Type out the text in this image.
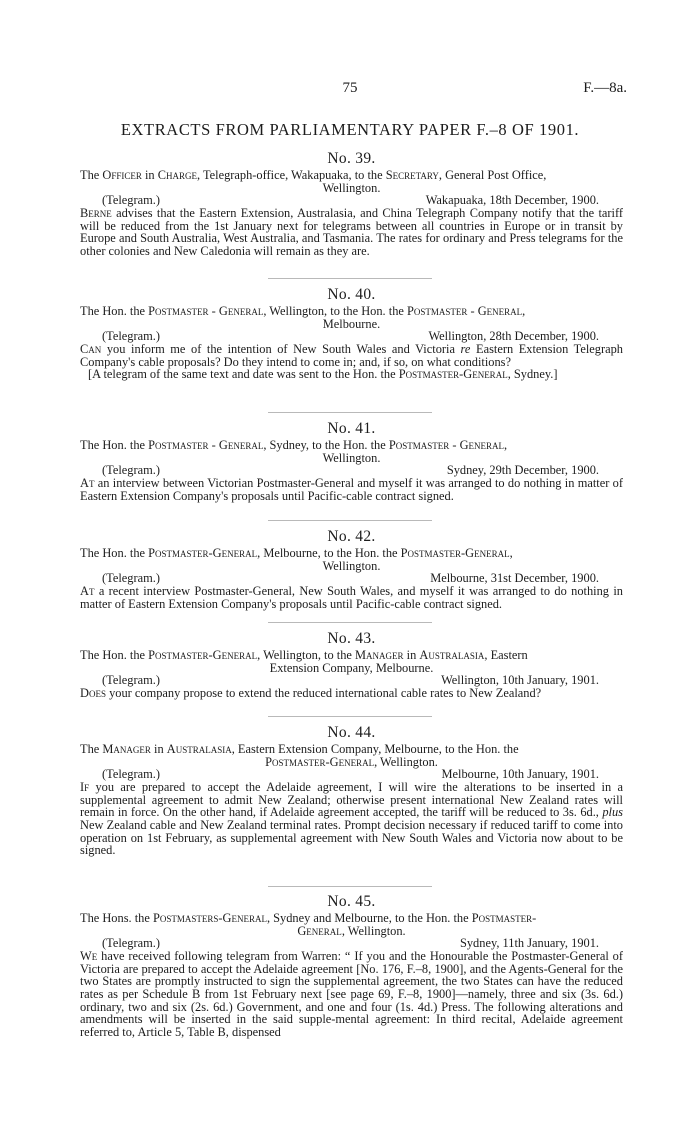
75	F.—8a.
EXTRACTS FROM PARLIAMENTARY PAPER F.–8 OF 1901.
No. 39.

The Officer in Charge, Telegraph-office, Wakapuaka, to the Secretary, General Post Office,

Wellington.
(Telegram.)	Wakapuaka, 18th December, 1900.

Berne advises that the Eastern Extension, Australasia, and China Telegraph Company notify that the tariff will be reduced from the 1st January next for telegrams between all countries in Europe or in transit by Europe and South Australia, West Australia, and Tasmania. The rates for ordinary and Press telegrams for the other colonies and New Caledonia will remain as they are.

No. 40.

The Hon. the Postmaster - General, Wellington, to the Hon. the Postmaster - General,

Melbourne.
(Telegram.)	Wellington, 28th December, 1900.

Can you inform me of the intention of New South Wales and Victoria re Eastern Extension Telegraph Company's cable proposals? Do they intend to come in; and, if so, on what conditions?

[A telegram of the same text and date was sent to the Hon. the Postmaster-General, Sydney.]

No. 41.

The Hon. the Postmaster - General, Sydney, to the Hon. the Postmaster - General,

Wellington.
(Telegram.)	Sydney, 29th December, 1900.

At an interview between Victorian Postmaster-General and myself it was arranged to do nothing in matter of Eastern Extension Company's proposals until Pacific-cable contract signed.

No. 42.

The Hon. the Postmaster-General, Melbourne, to the Hon. the Postmaster-General,

Wellington.
(Telegram.)	Melbourne, 31st December, 1900.

At a recent interview Postmaster-General, New South Wales, and myself it was arranged to do nothing in matter of Eastern Extension Company's proposals until Pacific-cable contract signed.

No. 43.

The Hon. the Postmaster-General, Wellington, to the Manager in Australasia, Eastern

Extension Company, Melbourne.
(Telegram.)	Wellington, 10th January, 1901.

Does your company propose to extend the reduced international cable rates to New Zealand?

No. 44.

The Manager in Australasia, Eastern Extension Company, Melbourne, to the Hon. the

Postmaster-General, Wellington.
(Telegram.)	Melbourne, 10th January, 1901.

If you are prepared to accept the Adelaide agreement, I will wire the alterations to be inserted in a supplemental agreement to admit New Zealand; otherwise present international New Zealand rates will remain in force. On the other hand, if Adelaide agreement accepted, the tariff will be reduced to 3s. 6d., plus New Zealand cable and New Zealand terminal rates. Prompt decision necessary if reduced tariff to come into operation on 1st February, as supplemental agreement with New South Wales and Victoria now about to be signed.

No. 45.

The Hons. the Postmasters-General, Sydney and Melbourne, to the Hon. the Postmaster-

General, Wellington.
(Telegram.)	Sydney, 11th January, 1901.

We have received following telegram from Warren: “ If you and the Honourable the Postmaster-General of Victoria are prepared to accept the Adelaide agreement [No. 176, F.–8, 1900], and the Agents-General for the two States are promptly instructed to sign the supplemental agreement, the two States can have the reduced rates as per Schedule B from 1st February next [see page 69, F.–8, 1900]—namely, three and six (3s. 6d.) ordinary, two and six (2s. 6d.) Government, and one and four (1s. 4d.) Press. The following alterations and amendments will be inserted in the said supple-mental agreement: In third recital, Adelaide agreement referred to, Article 5, Table B, dispensed
